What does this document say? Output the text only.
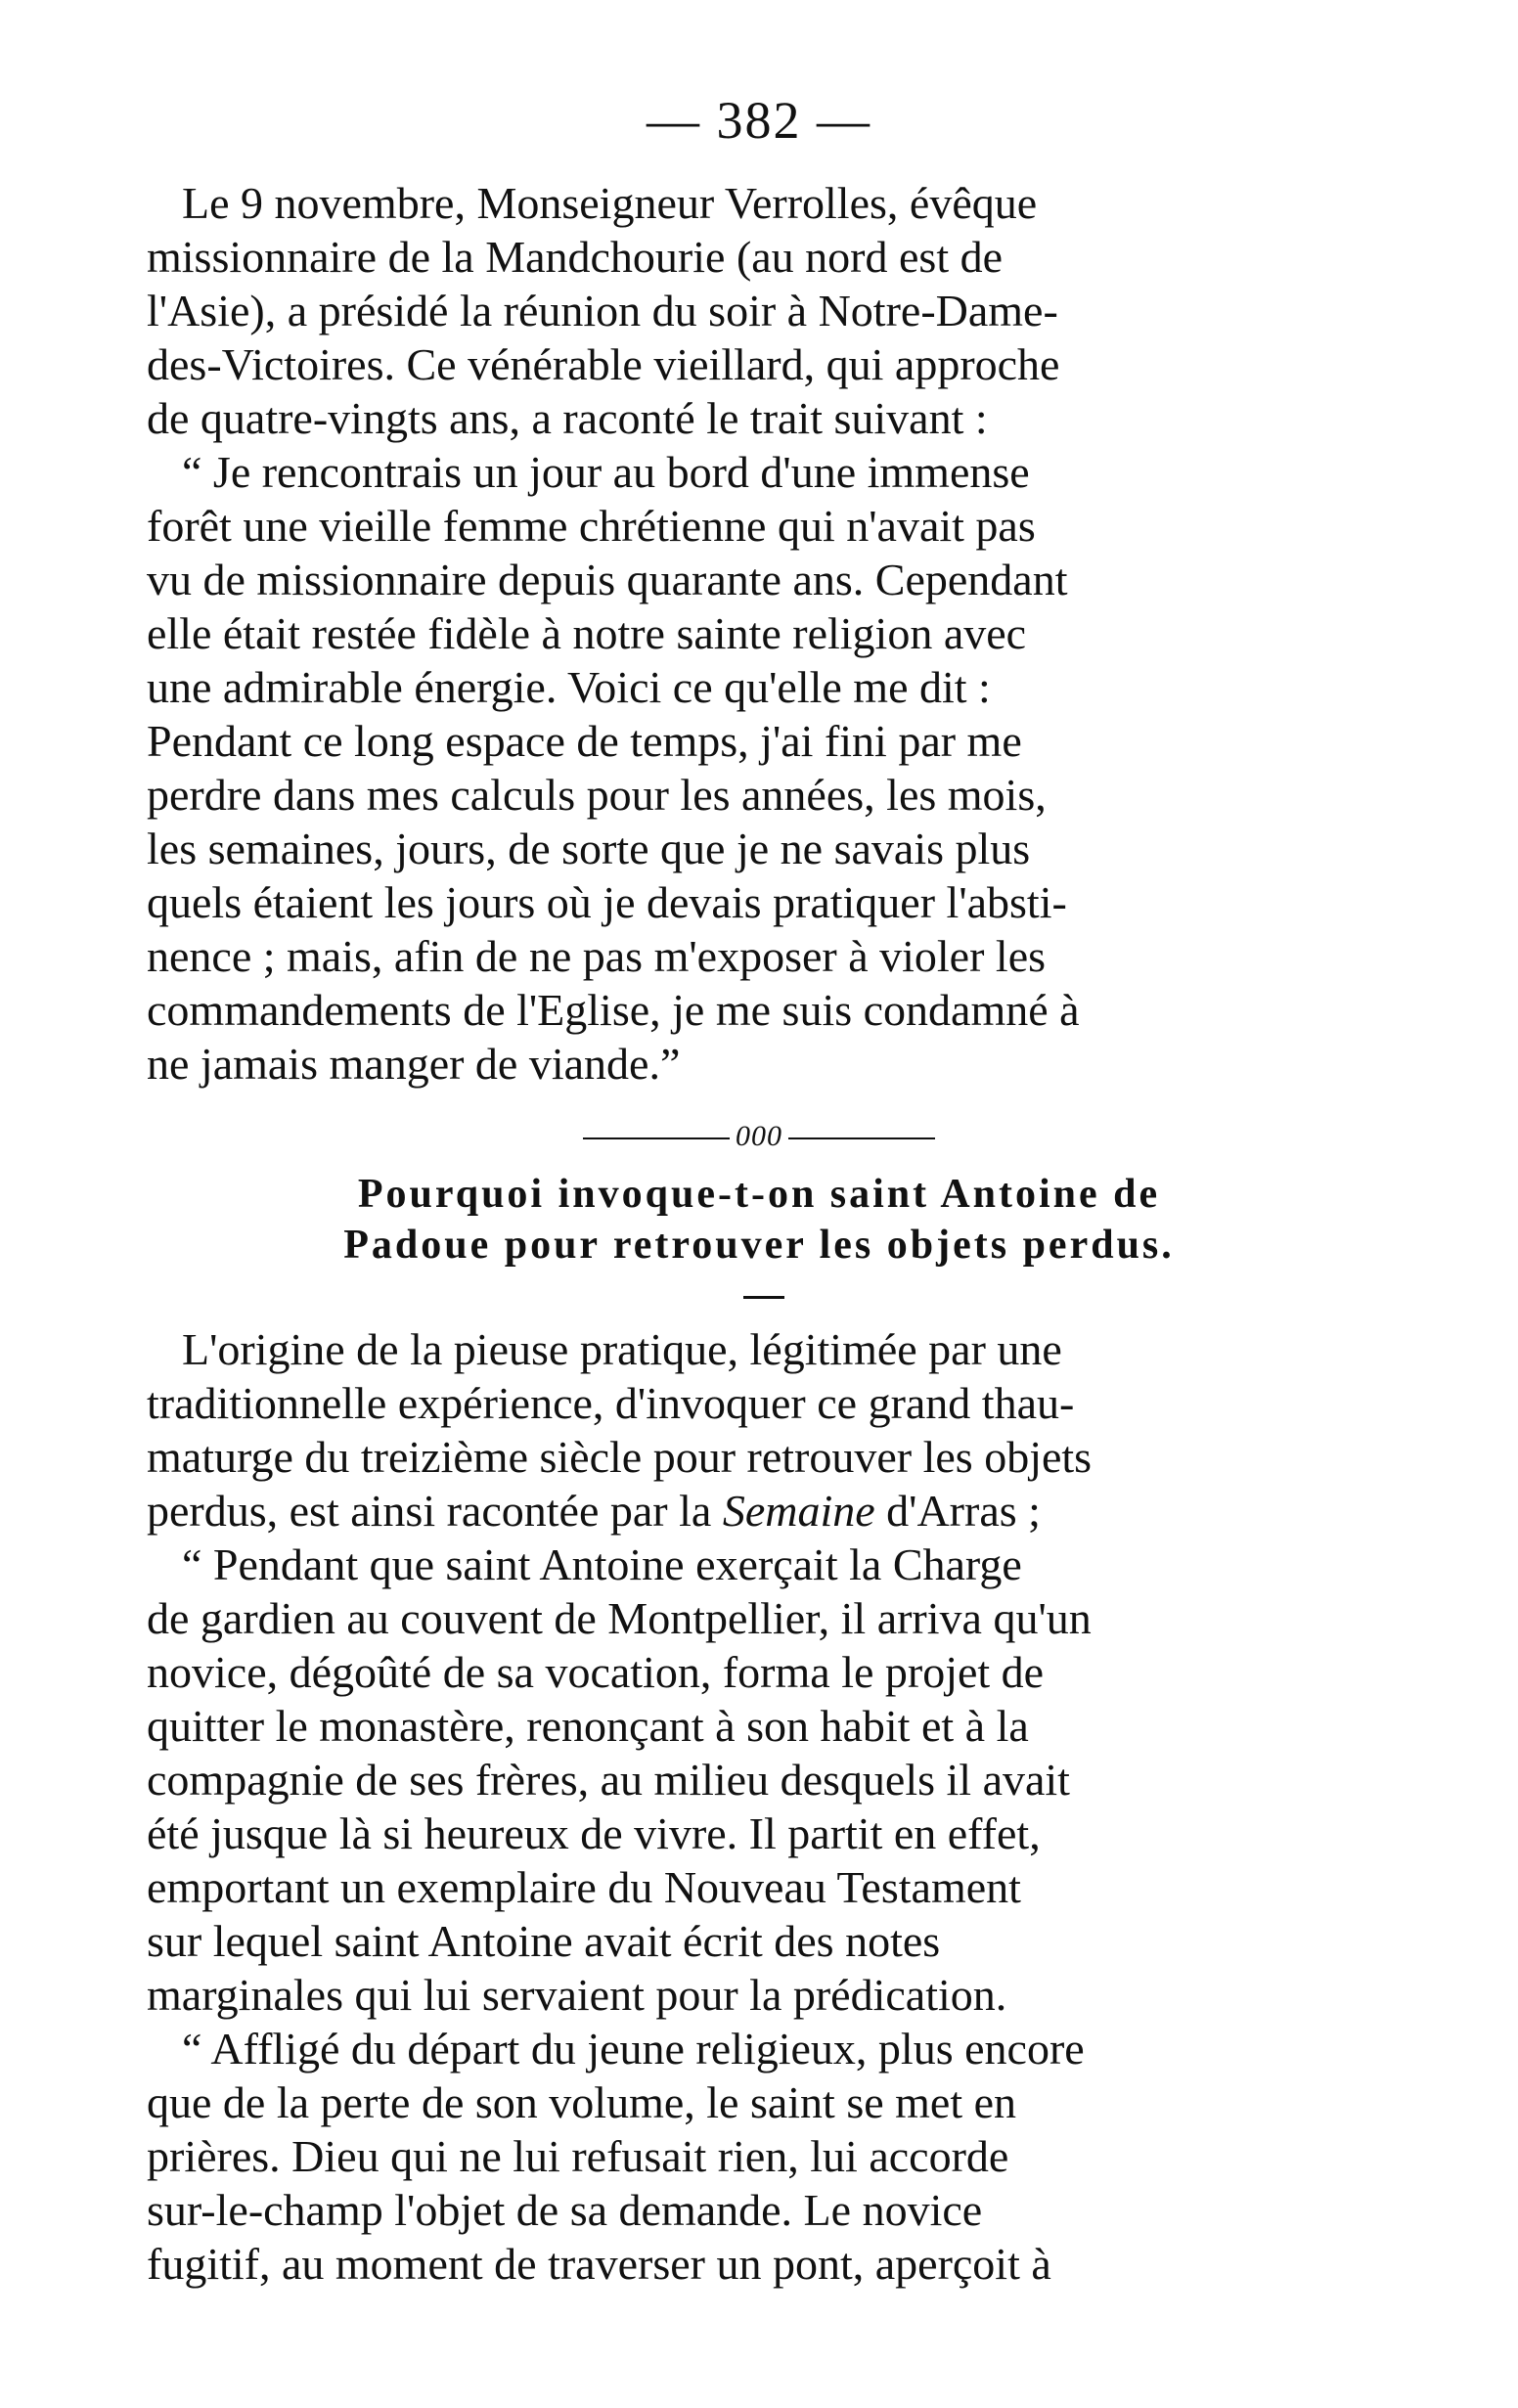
— 382 —
Le 9 novembre, Monseigneur Verrolles, évêque
missionnaire de la Mandchourie (au nord est de
l'Asie), a présidé la réunion du soir à Notre-Dame-
des-Victoires. Ce vénérable vieillard, qui approche
de quatre-vingts ans, a raconté le trait suivant :
“ Je rencontrais un jour au bord d'une immense
forêt une vieille femme chrétienne qui n'avait pas
vu de missionnaire depuis quarante ans. Cependant
elle était restée fidèle à notre sainte religion avec
une admirable énergie. Voici ce qu'elle me dit :
Pendant ce long espace de temps, j'ai fini par me
perdre dans mes calculs pour les années, les mois,
les semaines, jours, de sorte que je ne savais plus
quels étaient les jours où je devais pratiquer l'absti-
nence ; mais, afin de ne pas m'exposer à violer les
commandements de l'Eglise, je me suis condamné à
ne jamais manger de viande.”
000
Pourquoi invoque-t-on saint Antoine de
Padoue pour retrouver les objets perdus.
L'origine de la pieuse pratique, légitimée par une
traditionnelle expérience, d'invoquer ce grand thau-
maturge du treizième siècle pour retrouver les objets
perdus, est ainsi racontée par la Semaine d'Arras ;
“ Pendant que saint Antoine exerçait la Charge
de gardien au couvent de Montpellier, il arriva qu'un
novice, dégoûté de sa vocation, forma le projet de
quitter le monastère, renonçant à son habit et à la
compagnie de ses frères, au milieu desquels il avait
été jusque là si heureux de vivre. Il partit en effet,
emportant un exemplaire du Nouveau Testament
sur lequel saint Antoine avait écrit des notes
marginales qui lui servaient pour la prédication.
“ Affligé du départ du jeune religieux, plus encore
que de la perte de son volume, le saint se met en
prières. Dieu qui ne lui refusait rien, lui accorde
sur-le-champ l'objet de sa demande. Le novice
fugitif, au moment de traverser un pont, aperçoit à
